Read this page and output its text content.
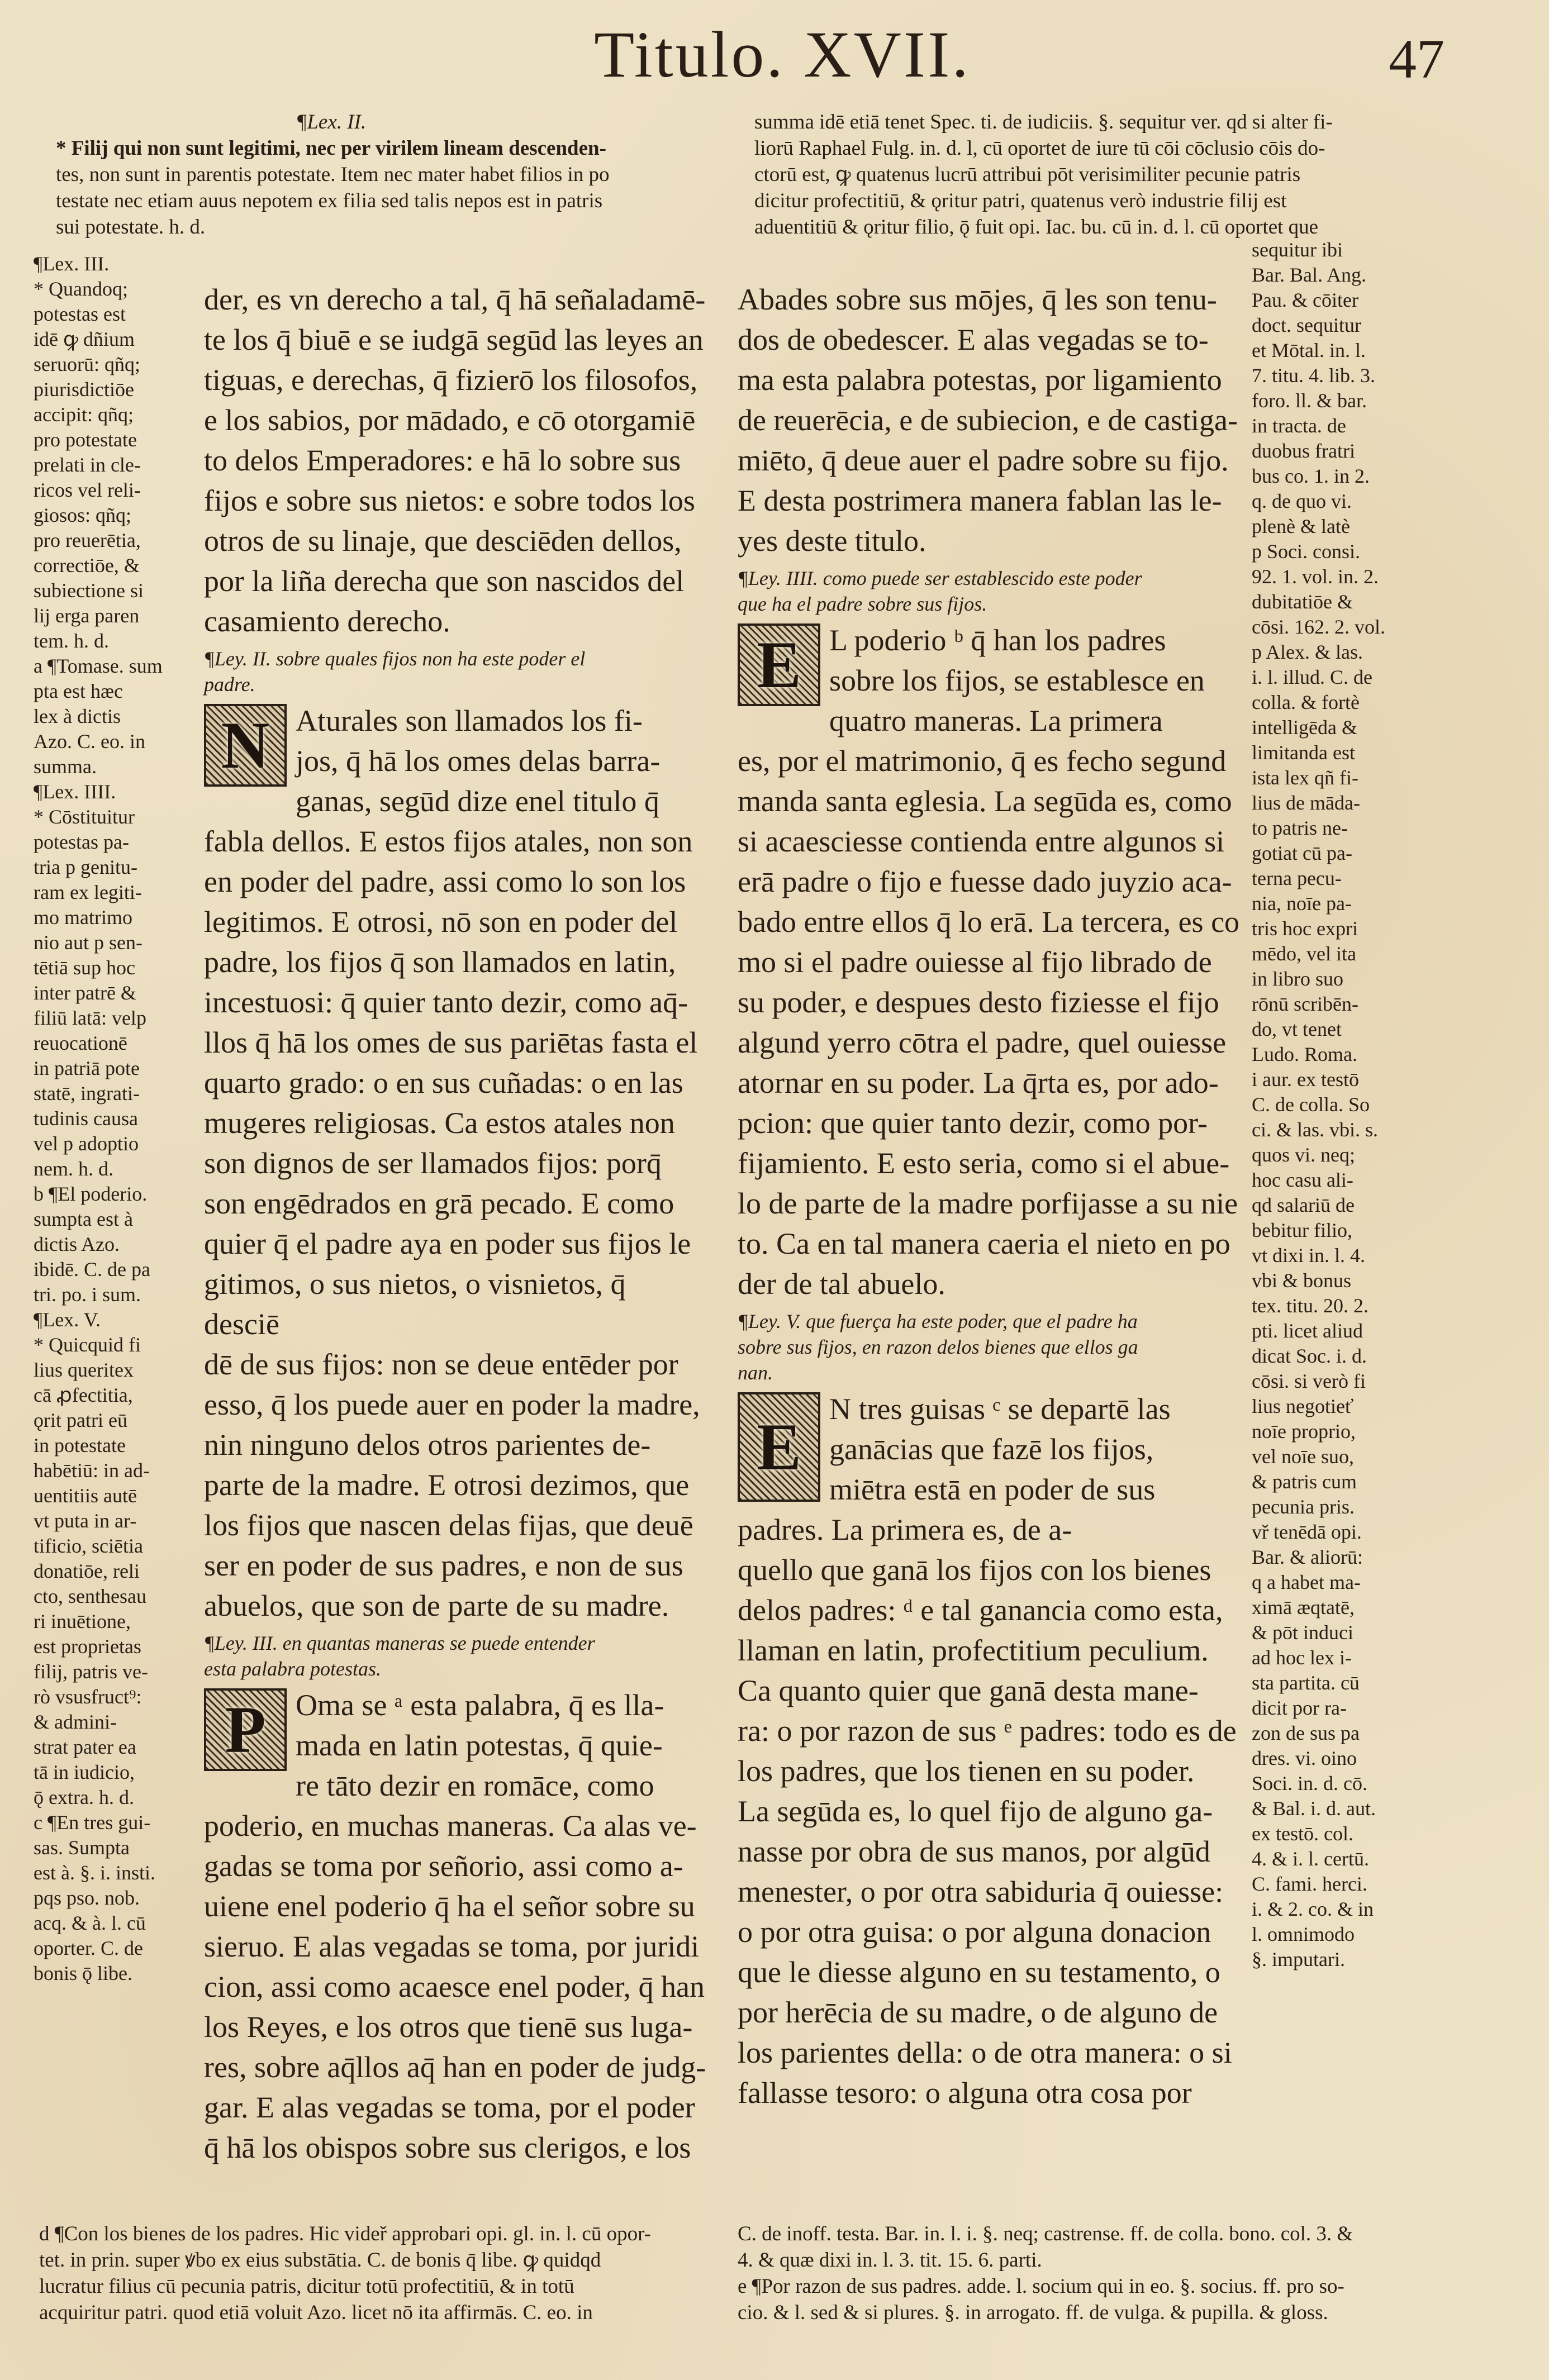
Titulo. XVII.	47
¶Lex. II.
* Filij qui non sunt legitimi, nec per virilem lineam descenden-
tes, non sunt in parentis potestate. Item nec mater habet filios in po
testate nec etiam auus nepotem ex filia sed talis nepos est in patris
sui potestate. h. d.
summa idē etiā tenet Spec. ti. de iudiciis. §. sequitur ver. qd si alter fi-
liorū Raphael Fulg. in. d. l, cū oportet de iure tū cōi cōclusio cōis do-
ctorū est, ꝙ quatenus lucrū attribui pōt verisimiliter pecunie patris
dicitur profectitiū, & ǫritur patri, quatenus verò industrie filij est
aduentitiū & ǫritur filio, ǭ fuit opi. Iac. bu. cū in. d. l. cū oportet que
¶Lex. III.
* Quandoq;
potestas est
idē ꝙ dñium
seruorū: qñq;
piurisdictiōe
accipit: qñq;
pro potestate
prelati in cle-
ricos vel reli-
giosos: qñq;
pro reuerētia,
correctiōe, &
subiectione si
lij erga paren
tem. h. d.
a ¶Tomase. sum
pta est hæc
lex à dictis
Azo. C. eo. in
summa.
¶Lex. IIII.
* Cōstituitur
potestas pa-
tria p genitu-
ram ex legiti-
mo matrimo
nio aut p sen-
tētiā sup hoc
inter patrē &
filiū latā: velp
reuocationē
in patriā pote
statē, ingrati-
tudinis causa
vel p adoptio
nem. h. d.
b ¶El poderio.
sumpta est à
dictis Azo.
ibidē. C. de pa
tri. po. i sum.
¶Lex. V.
* Quicquid fi
lius queritex
cā ꝓfectitia,
ǫrit patri eū
in potestate
habētiū: in ad-
uentitiis autē
vt puta in ar-
tificio, sciētia
donatiōe, reli
cto, senthesau
ri inuētione,
est proprietas
filij, patris ve-
rò vsusfruct⁹:
& admini-
strat pater ea
tā in iudicio,
ǭ extra. h. d.
c ¶En tres gui-
sas. Sumpta
est à. §. i. insti.
pqs pso. nob.
acq. & à. l. cū
oporter. C. de
bonis ǭ libe.
sequitur ibi
Bar. Bal. Ang.
Pau. & cōiter
doct. sequitur
et Mōtal. in. l.
7. titu. 4. lib. 3.
foro. ll. & bar.
in tracta. de
duobus fratri
bus co. 1. in 2.
q. de quo vi.
plenè & latè
p Soci. consi.
92. 1. vol. in. 2.
dubitatiōe &
cōsi. 162. 2. vol.
p Alex. & las.
i. l. illud. C. de
colla. & fortè
intelligēda &
limitanda est
ista lex qñ fi-
lius de māda-
to patris ne-
gotiat cū pa-
terna pecu-
nia, noīe pa-
tris hoc expri
mēdo, vel ita
in libro suo
rōnū scribēn-
do, vt tenet
Ludo. Roma.
i aur. ex testō
C. de colla. So
ci. & las. vbi. s.
quos vi. neq;
hoc casu ali-
qd salariū de
bebitur filio,
vt dixi in. l. 4.
vbi & bonus
tex. titu. 20. 2.
pti. licet aliud
dicat Soc. i. d.
cōsi. si verò fi
lius negotieť
noīe proprio,
vel noīe suo,
& patris cum
pecunia pris.
vř tenēdā opi.
Bar. & aliorū:
q a habet ma-
ximā æqtatē,
& pōt induci
ad hoc lex i-
sta partita. cū
dicit por ra-
zon de sus pa
dres. vi. oino
Soci. in. d. cō.
& Bal. i. d. aut.
ex testō. col.
4. & i. l. certū.
C. fami. herci.
i. & 2. co. & in
l. omnimodo
§. imputari.
der, es vn derecho a tal, q̄ hā señaladamē-
te los q̄ biuē e se iudgā segūd las leyes an
tiguas, e derechas, q̄ fizierō los filosofos,
e los sabios, por mādado, e cō otorgamiē
to delos Emperadores: e hā lo sobre sus
fijos e sobre sus nietos: e sobre todos los
otros de su linaje, que desciēden dellos,
por la liña derecha que son nascidos del
casamiento derecho.
¶Ley. II. sobre quales fijos non ha este poder el
padre.
N Aturales son llamados los fi-
jos, q̄ hā los omes delas barra-
ganas, segūd dize enel titulo q̄
fabla dellos. E estos fijos atales, non son
en poder del padre, assi como lo son los
legitimos. E otrosi, nō son en poder del
padre, los fijos q̄ son llamados en latin,
incestuosi: q̄ quier tanto dezir, como aq̄-
llos q̄ hā los omes de sus pariētas fasta el
quarto grado: o en sus cuñadas: o en las
mugeres religiosas. Ca estos atales non
son dignos de ser llamados fijos: porq̄
son engēdrados en grā pecado. E como
quier q̄ el padre aya en poder sus fijos le
gitimos, o sus nietos, o visnietos, q̄ desciē
dē de sus fijos: non se deue entēder por
esso, q̄ los puede auer en poder la madre,
nin ninguno delos otros parientes de-
parte de la madre. E otrosi dezimos, que
los fijos que nascen delas fijas, que deuē
ser en poder de sus padres, e non de sus
abuelos, que son de parte de su madre.
¶Ley. III. en quantas maneras se puede entender
esta palabra potestas.
P Oma se ᵃ esta palabra, q̄ es lla-
mada en latin potestas, q̄ quie-
re tāto dezir en romāce, como
poderio, en muchas maneras. Ca alas ve-
gadas se toma por señorio, assi como a-
uiene enel poderio q̄ ha el señor sobre su
sieruo. E alas vegadas se toma, por juridi
cion, assi como acaesce enel poder, q̄ han
los Reyes, e los otros que tienē sus luga-
res, sobre aq̄llos aq̄ han en poder de judg-
gar. E alas vegadas se toma, por el poder
q̄ hā los obispos sobre sus clerigos, e los
Abades sobre sus mōjes, q̄ les son tenu-
dos de obedescer. E alas vegadas se to-
ma esta palabra potestas, por ligamiento
de reuerēcia, e de subiecion, e de castiga-
miēto, q̄ deue auer el padre sobre su fijo.
E desta postrimera manera fablan las le-
yes deste titulo.
¶Ley. IIII. como puede ser establescido este poder
que ha el padre sobre sus fijos.
E L poderio ᵇ q̄ han los padres
sobre los fijos, se establesce en
quatro maneras. La primera
es, por el matrimonio, q̄ es fecho segund
manda santa eglesia. La segūda es, como
si acaesciesse contienda entre algunos si
erā padre o fijo e fuesse dado juyzio aca-
bado entre ellos q̄ lo erā. La tercera, es co
mo si el padre ouiesse al fijo librado de
su poder, e despues desto fiziesse el fijo
algund yerro cōtra el padre, quel ouiesse
atornar en su poder. La q̄rta es, por ado-
pcion: que quier tanto dezir, como por-
fijamiento. E esto seria, como si el abue-
lo de parte de la madre porfijasse a su nie
to. Ca en tal manera caeria el nieto en po
der de tal abuelo.
¶Ley. V. que fuerça ha este poder, que el padre ha
sobre sus fijos, en razon delos bienes que ellos ga
nan.
E
N tres guisas ᶜ se departē las
ganācias que fazē los fijos,
miētra estā en poder de sus
padres. La primera es, de a-
quello que ganā los fijos con los bienes
delos padres: ᵈ e tal ganancia como esta,
llaman en latin, profectitium peculium.
Ca quanto quier que ganā desta mane-
ra: o por razon de sus ᵉ padres: todo es de
los padres, que los tienen en su poder.
La segūda es, lo quel fijo de alguno ga-
nasse por obra de sus manos, por algūd
menester, o por otra sabiduria q̄ ouiesse:
o por otra guisa: o por alguna donacion
que le diesse alguno en su testamento, o
por herēcia de su madre, o de alguno de
los parientes della: o de otra manera: o si
fallasse tesoro: o alguna otra cosa por
d ¶Con los bienes de los padres. Hic videř approbari opi. gl. in. l. cū opor-
tet. in prin. super ꝟbo ex eius substātia. C. de bonis q̄ libe. ꝙ quidqd
lucratur filius cū pecunia patris, dicitur totū profectitiū, & in totū
acquiritur patri. quod etiā voluit Azo. licet nō ita affirmās. C. eo. in
C. de inoff. testa. Bar. in. l. i. §. neq; castrense. ff. de colla. bono. col. 3. &
4. & quæ dixi in. l. 3. tit. 15. 6. parti.
e ¶Por razon de sus padres. adde. l. socium qui in eo. §. socius. ff. pro so-
cio. & l. sed & si plures. §. in arrogato. ff. de vulga. & pupilla. & gloss.
